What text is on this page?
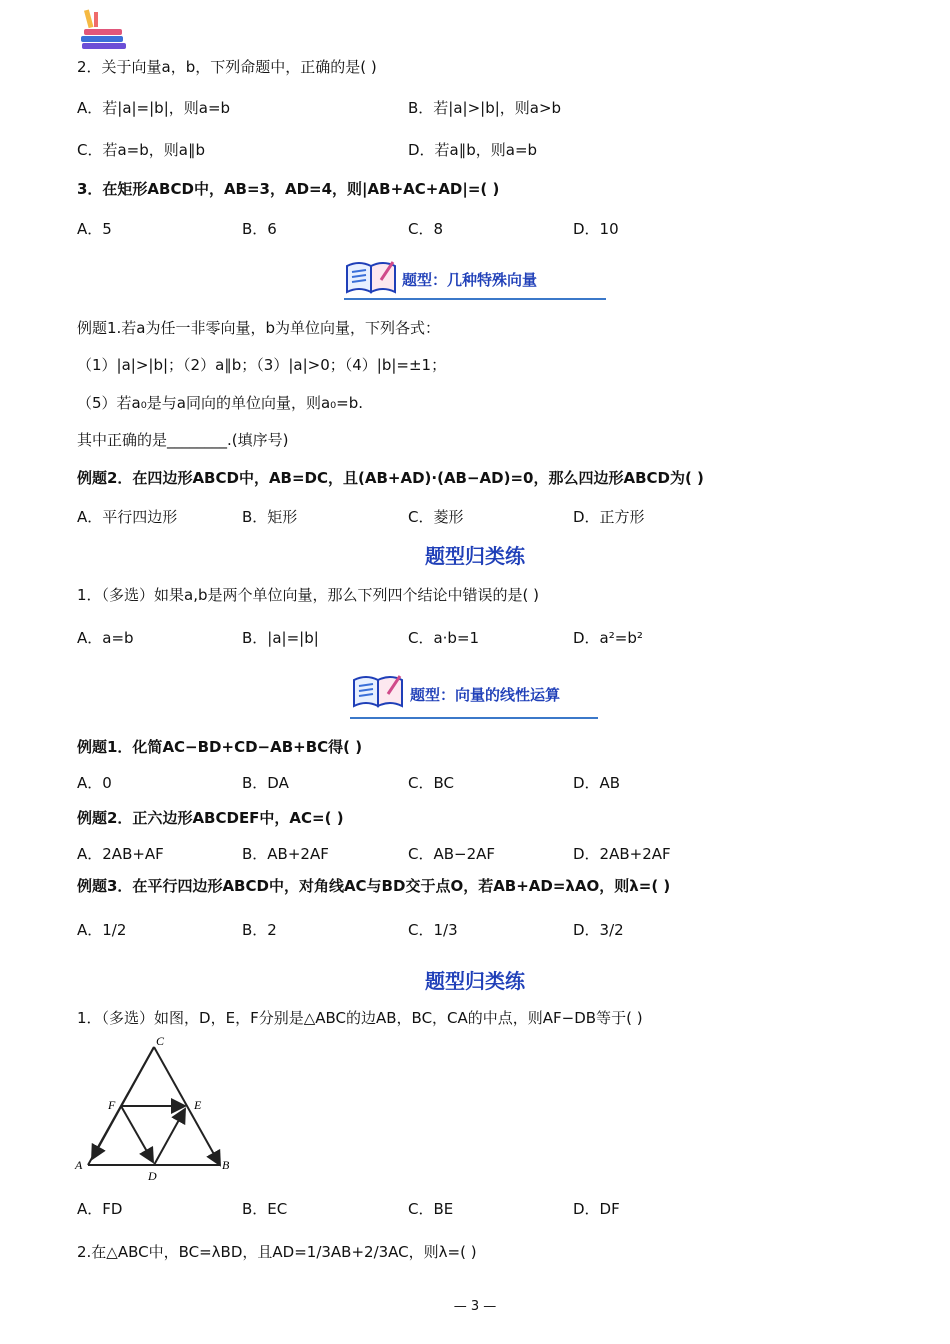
2．关于向量a，b，下列命题中，正确的是( )
A．若|a|=|b|，则a=b	B．若|a|>|b|，则a>b
C．若a=b，则a∥b	D．若a∥b，则a=b
3．在矩形ABCD中，AB=3，AD=4，则|AB+AC+AD|=( )
A．5	B．6	C．8	D．10
题型：几种特殊向量
例题1.若a为任一非零向量，b为单位向量，下列各式：
（1）|a|>|b|；（2）a∥b；（3）|a|>0；（4）|b|=±1；
（5）若a₀是与a同向的单位向量，则a₀=b.
其中正确的是________.(填序号)
例题2．在四边形ABCD中，AB=DC，且(AB+AD)·(AB−AD)=0，那么四边形ABCD为( )
A．平行四边形	B．矩形	C．菱形	D．正方形
题型归类练
1．（多选）如果a,b是两个单位向量，那么下列四个结论中错误的是( )
A．a=b	B．|a|=|b|	C．a·b=1	D．a²=b²
题型：向量的线性运算
例题1．化简AC−BD+CD−AB+BC得( )
A．0	B．DA	C．BC	D．AB
例题2．正六边形ABCDEF中，AC=( )
A．2AB+AF	B．AB+2AF	C．AB−2AF	D．2AB+2AF
例题3．在平行四边形ABCD中，对角线AC与BD交于点O，若AB+AD=λAO，则λ=( )
A．1/2	B．2	C．1/3	D．3/2
题型归类练
1．（多选）如图，D，E，F分别是△ABC的边AB，BC，CA的中点，则AF−DB等于( )
C
F	E
A
D
B
A．FD	B．EC	C．BE	D．DF
2.在△ABC中，BC=λBD，且AD=1/3AB+2/3AC，则λ=( )
— 3 —
